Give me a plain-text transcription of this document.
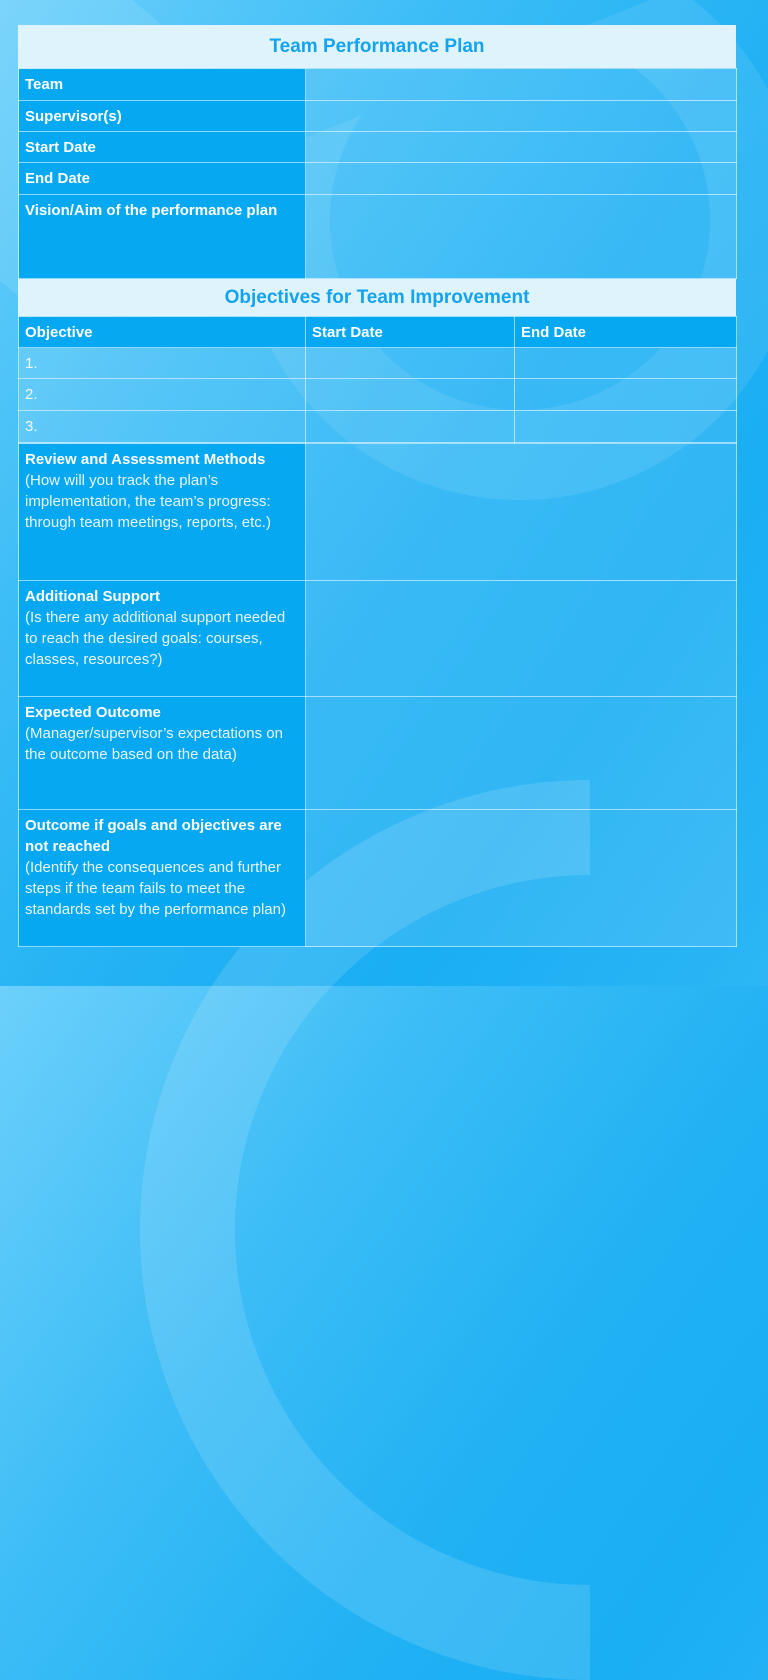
Team Performance Plan
Team	
Supervisor(s)	
Start Date	
End Date	
Vision/Aim of the performance plan	
Objectives for Team Improvement
Objective	Start Date	End Date
1.		
2.		
3.		
Review and Assessment Methods
(How will you track the plan’s implementation, the team’s progress: through team meetings, reports, etc.)	

Additional Support
(Is there any additional support needed to reach the desired goals: courses, classes, resources?)	

Expected Outcome
(Manager/supervisor’s expectations on the outcome based on the data)	

Outcome if goals and objectives are not reached
(Identify the consequences and further steps if the team fails to meet the standards set by the performance plan)	
